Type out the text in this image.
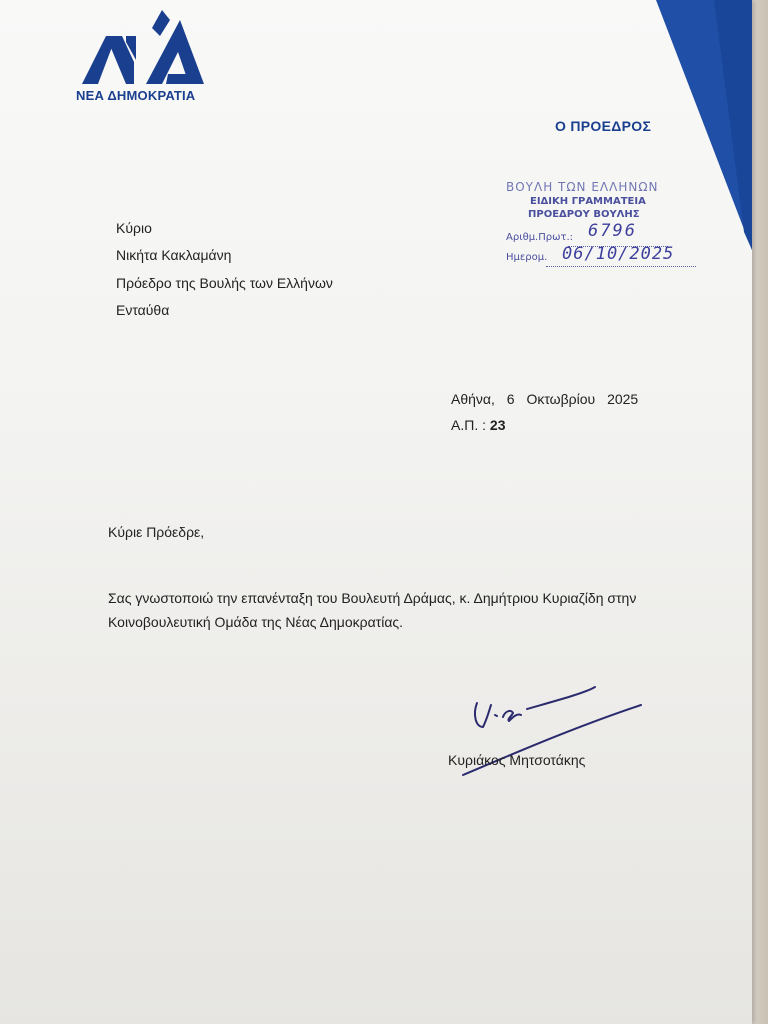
ΝΕΑ ΔΗΜΟΚΡΑΤΙΑ
Ο ΠΡΟΕΔΡΟΣ
ΒΟΥΛΗ ΤΩΝ ΕΛΛΗΝΩΝ
ΕΙΔΙΚΗ ΓΡΑΜΜΑΤΕΙΑ
ΠΡΟΕΔΡΟΥ ΒΟΥΛΗΣ
Αριθμ.Πρωτ.: 6796
Ημερομ. 06/10/2025
Κύριο
Νικήτα Κακλαμάνη
Πρόεδρο της Βουλής των Ελλήνων
Ενταύθα
Αθήνα, 6 Οκτωβρίου 2025
Α.Π. : 23
Κύριε Πρόεδρε,
Σας γνωστοποιώ την επανένταξη του Βουλευτή Δράμας, κ. Δημήτριου Κυριαζίδη στην Κοινοβουλευτική Ομάδα της Νέας Δημοκρατίας.
Κυριάκος Μητσοτάκης
